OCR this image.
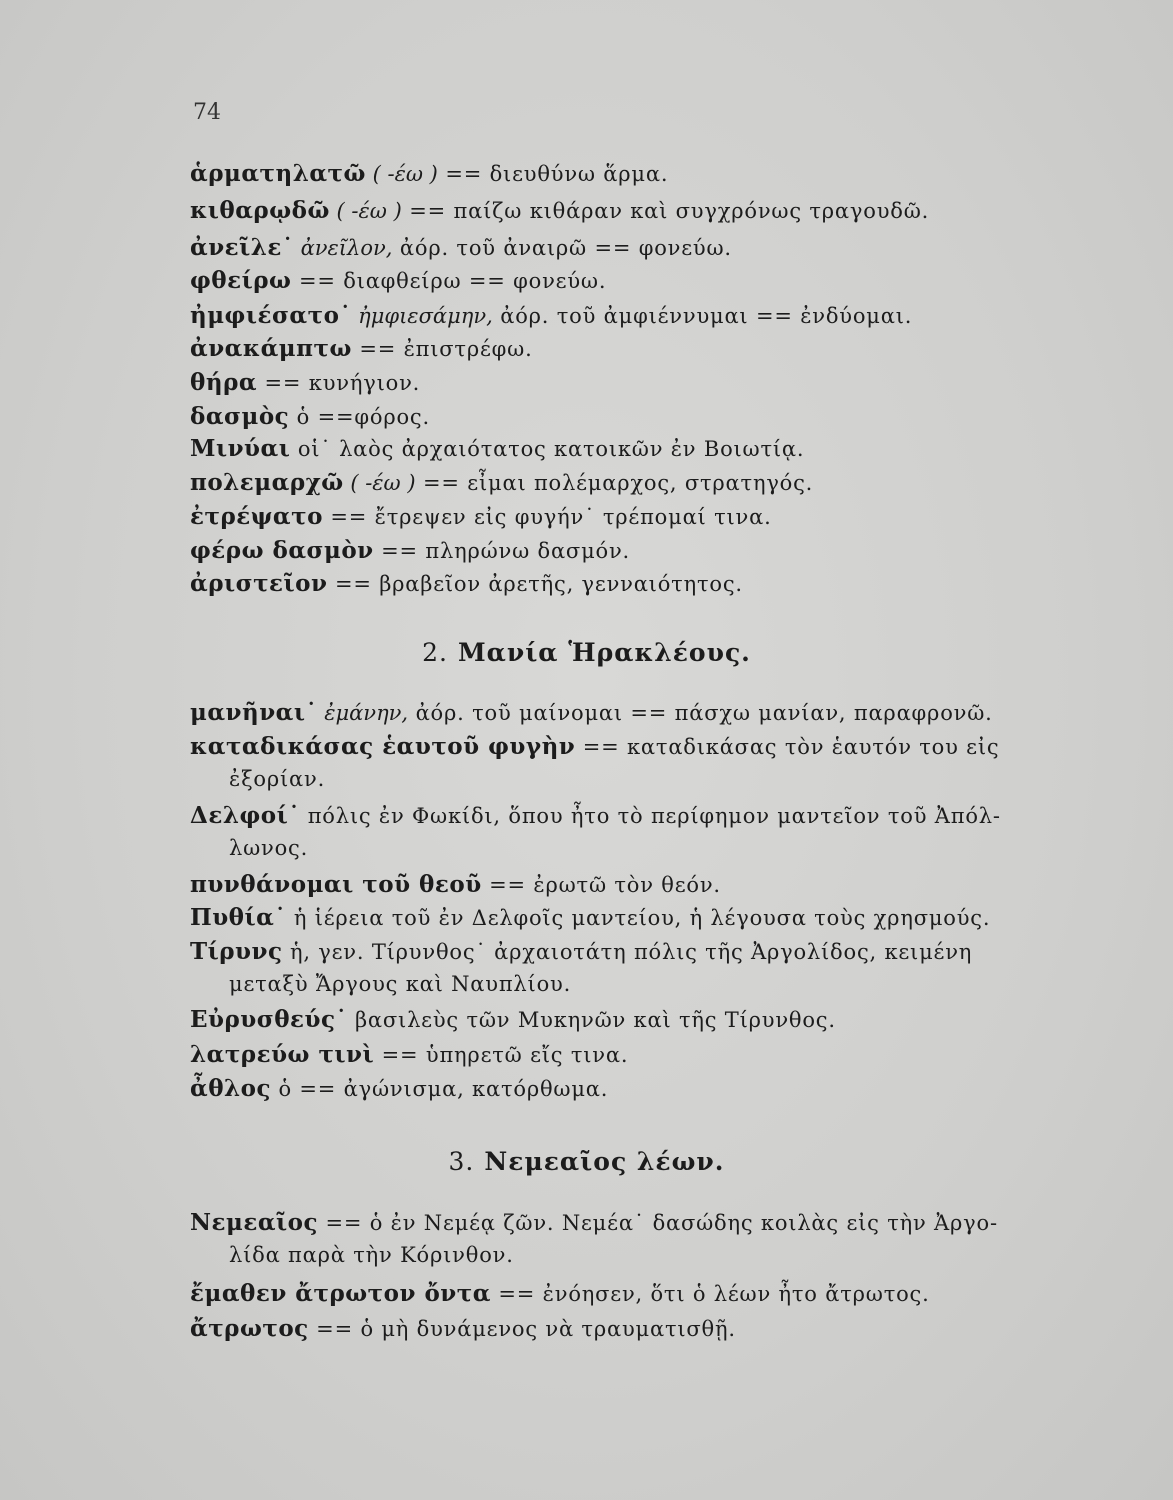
74
ἁρματηλατῶ ( -έω ) == διευθύνω ἅρμα.
κιθαρῳδῶ ( -έω ) == παίζω κιθάραν καὶ συγχρόνως τραγουδῶ.
ἀνεῖλε˙ ἀνεῖλον, ἀόρ. τοῦ ἀναιρῶ == φονεύω.
φθείρω == διαφθείρω == φονεύω.
ἠμφιέσατο˙ ἠμφιεσάμην, ἀόρ. τοῦ ἀμφιέννυμαι == ἐνδύομαι.
ἀνακάμπτω == ἐπιστρέφω.
θήρα == κυνήγιον.
δασμὸς ὁ ==φόρος.
Μινύαι οἱ˙ λαὸς ἀρχαιότατος κατοικῶν ἐν Βοιωτίᾳ.
πολεμαρχῶ ( -έω ) == εἶμαι πολέμαρχος, στρατηγός.
ἐτρέψατο == ἔτρεψεν εἰς φυγήν˙ τρέπομαί τινα.
φέρω δασμὸν == πληρώνω δασμόν.
ἀριστεῖον == βραβεῖον ἀρετῆς, γενναιότητος.
2. Μανία Ἡρακλέους.
μανῆναι˙ ἐμάνην, ἀόρ. τοῦ μαίνομαι == πάσχω μανίαν, παραφρονῶ.
καταδικάσας ἑαυτοῦ φυγὴν == καταδικάσας τὸν ἑαυτόν του εἰς
ἐξορίαν.
Δελφοί˙ πόλις ἐν Φωκίδι, ὅπου ἦτο τὸ περίφημον μαντεῖον τοῦ Ἀπόλ-
λωνος.
πυνθάνομαι τοῦ θεοῦ == ἐρωτῶ τὸν θεόν.
Πυθία˙ ἡ ἱέρεια τοῦ ἐν Δελφοῖς μαντείου, ἡ λέγουσα τοὺς χρησμούς.
Τίρυνς ἡ, γεν. Τίρυνθος˙ ἀρχαιοτάτη πόλις τῆς Ἀργολίδος, κειμένη
μεταξὺ Ἄργους καὶ Ναυπλίου.
Εὐρυσθεύς˙ βασιλεὺς τῶν Μυκηνῶν καὶ τῆς Τίρυνθος.
λατρεύω τινὶ == ὑπηρετῶ εἴς τινα.
ἆθλος ὁ == ἀγώνισμα, κατόρθωμα.
3. Νεμεαῖος λέων.
Νεμεαῖος == ὁ ἐν Νεμέᾳ ζῶν. Νεμέα˙ δασώδης κοιλὰς εἰς τὴν Ἀργο-
λίδα παρὰ τὴν Κόρινθον.
ἔμαθεν ἄτρωτον ὄντα == ἐνόησεν, ὅτι ὁ λέων ἦτο ἄτρωτος.
ἄτρωτος == ὁ μὴ δυνάμενος νὰ τραυματισθῇ.
